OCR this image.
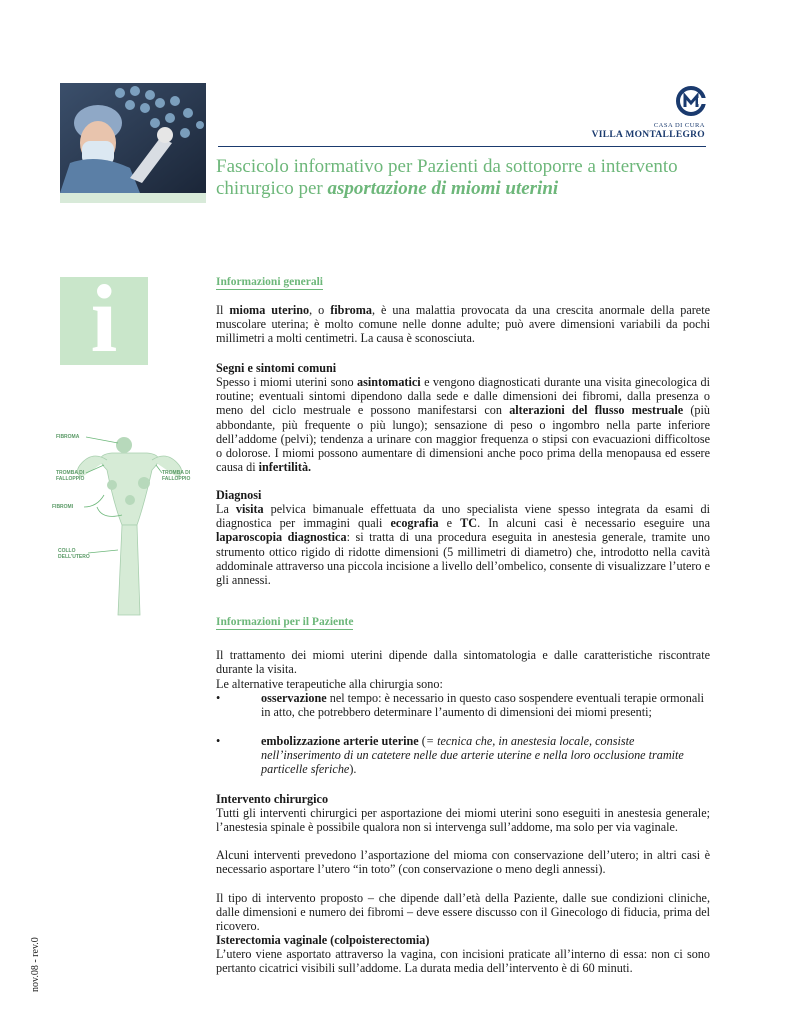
CASA DI CURA
VILLA MONTALLEGRO
Fascicolo informativo per Pazienti da sottoporre a intervento
chirurgico per asportazione di miomi uterini
i
FIBROMA
TROMBA DI FALLOPPIO
TROMBA DI FALLOPPIO
FIBROMI
COLLO DELL'UTERO
Informazioni generali
Il mioma uterino, o fibroma, è una malattia provocata da una crescita anormale della parete muscolare uterina; è molto comune nelle donne adulte; può avere dimensioni variabili da pochi millimetri a molti centimetri. La causa è sconosciuta.
Segni e sintomi comuni
Spesso i miomi uterini sono asintomatici e vengono diagnosticati durante una visita ginecologica di routine; eventuali sintomi dipendono dalla sede e dalle dimensioni dei fibromi, dalla presenza o meno del ciclo mestruale e possono manifestarsi con alterazioni del flusso mestruale (più abbondante, più frequente o più lungo); sensazione di peso o ingombro nella parte inferiore dell’addome (pelvi); tendenza a urinare con maggior frequenza o stipsi con evacuazioni difficoltose o dolorose. I miomi possono aumentare di dimensioni anche poco prima della menopausa ed essere causa di infertilità.
Diagnosi
La visita pelvica bimanuale effettuata da uno specialista viene spesso integrata da esami di diagnostica per immagini quali ecografia e TC. In alcuni casi è necessario eseguire una laparoscopia diagnostica: si tratta di una procedura eseguita in anestesia generale, tramite uno strumento ottico rigido di ridotte dimensioni (5 millimetri di diametro) che, introdotto nella cavità addominale attraverso una piccola incisione a livello dell’ombelico, consente di visualizzare l’utero e gli annessi.
Informazioni per il Paziente
Il trattamento dei miomi uterini dipende dalla sintomatologia e dalle caratteristiche riscontrate durante la visita.
Le alternative terapeutiche alla chirurgia sono:
•	osservazione nel tempo: è necessario in questo caso sospendere eventuali terapie ormonali in atto, che potrebbero determinare l’aumento di dimensioni dei miomi presenti;
•	embolizzazione arterie uterine (= tecnica che, in anestesia locale, consiste nell’inserimento di un catetere nelle due arterie uterine e nella loro occlusione tramite particelle sferiche).
Intervento chirurgico
Tutti gli interventi chirurgici per asportazione dei miomi uterini sono eseguiti in anestesia generale; l’anestesia spinale è possibile qualora non si intervenga sull’addome, ma solo per via vaginale.
Alcuni interventi prevedono l’asportazione del mioma con conservazione dell’utero; in altri casi è necessario asportare l’utero “in toto” (con conservazione o meno degli annessi).
Il tipo di intervento proposto – che dipende dall’età della Paziente, dalle sue condizioni cliniche, dalle dimensioni e numero dei fibromi – deve essere discusso con il Ginecologo di fiducia, prima del ricovero.
Isterectomia vaginale (colpoisterectomia)
L’utero viene asportato attraverso la vagina, con incisioni praticate all’interno di essa: non ci sono pertanto cicatrici visibili sull’addome. La durata media dell’intervento è di 60 minuti.
nov.08 - rev.0
